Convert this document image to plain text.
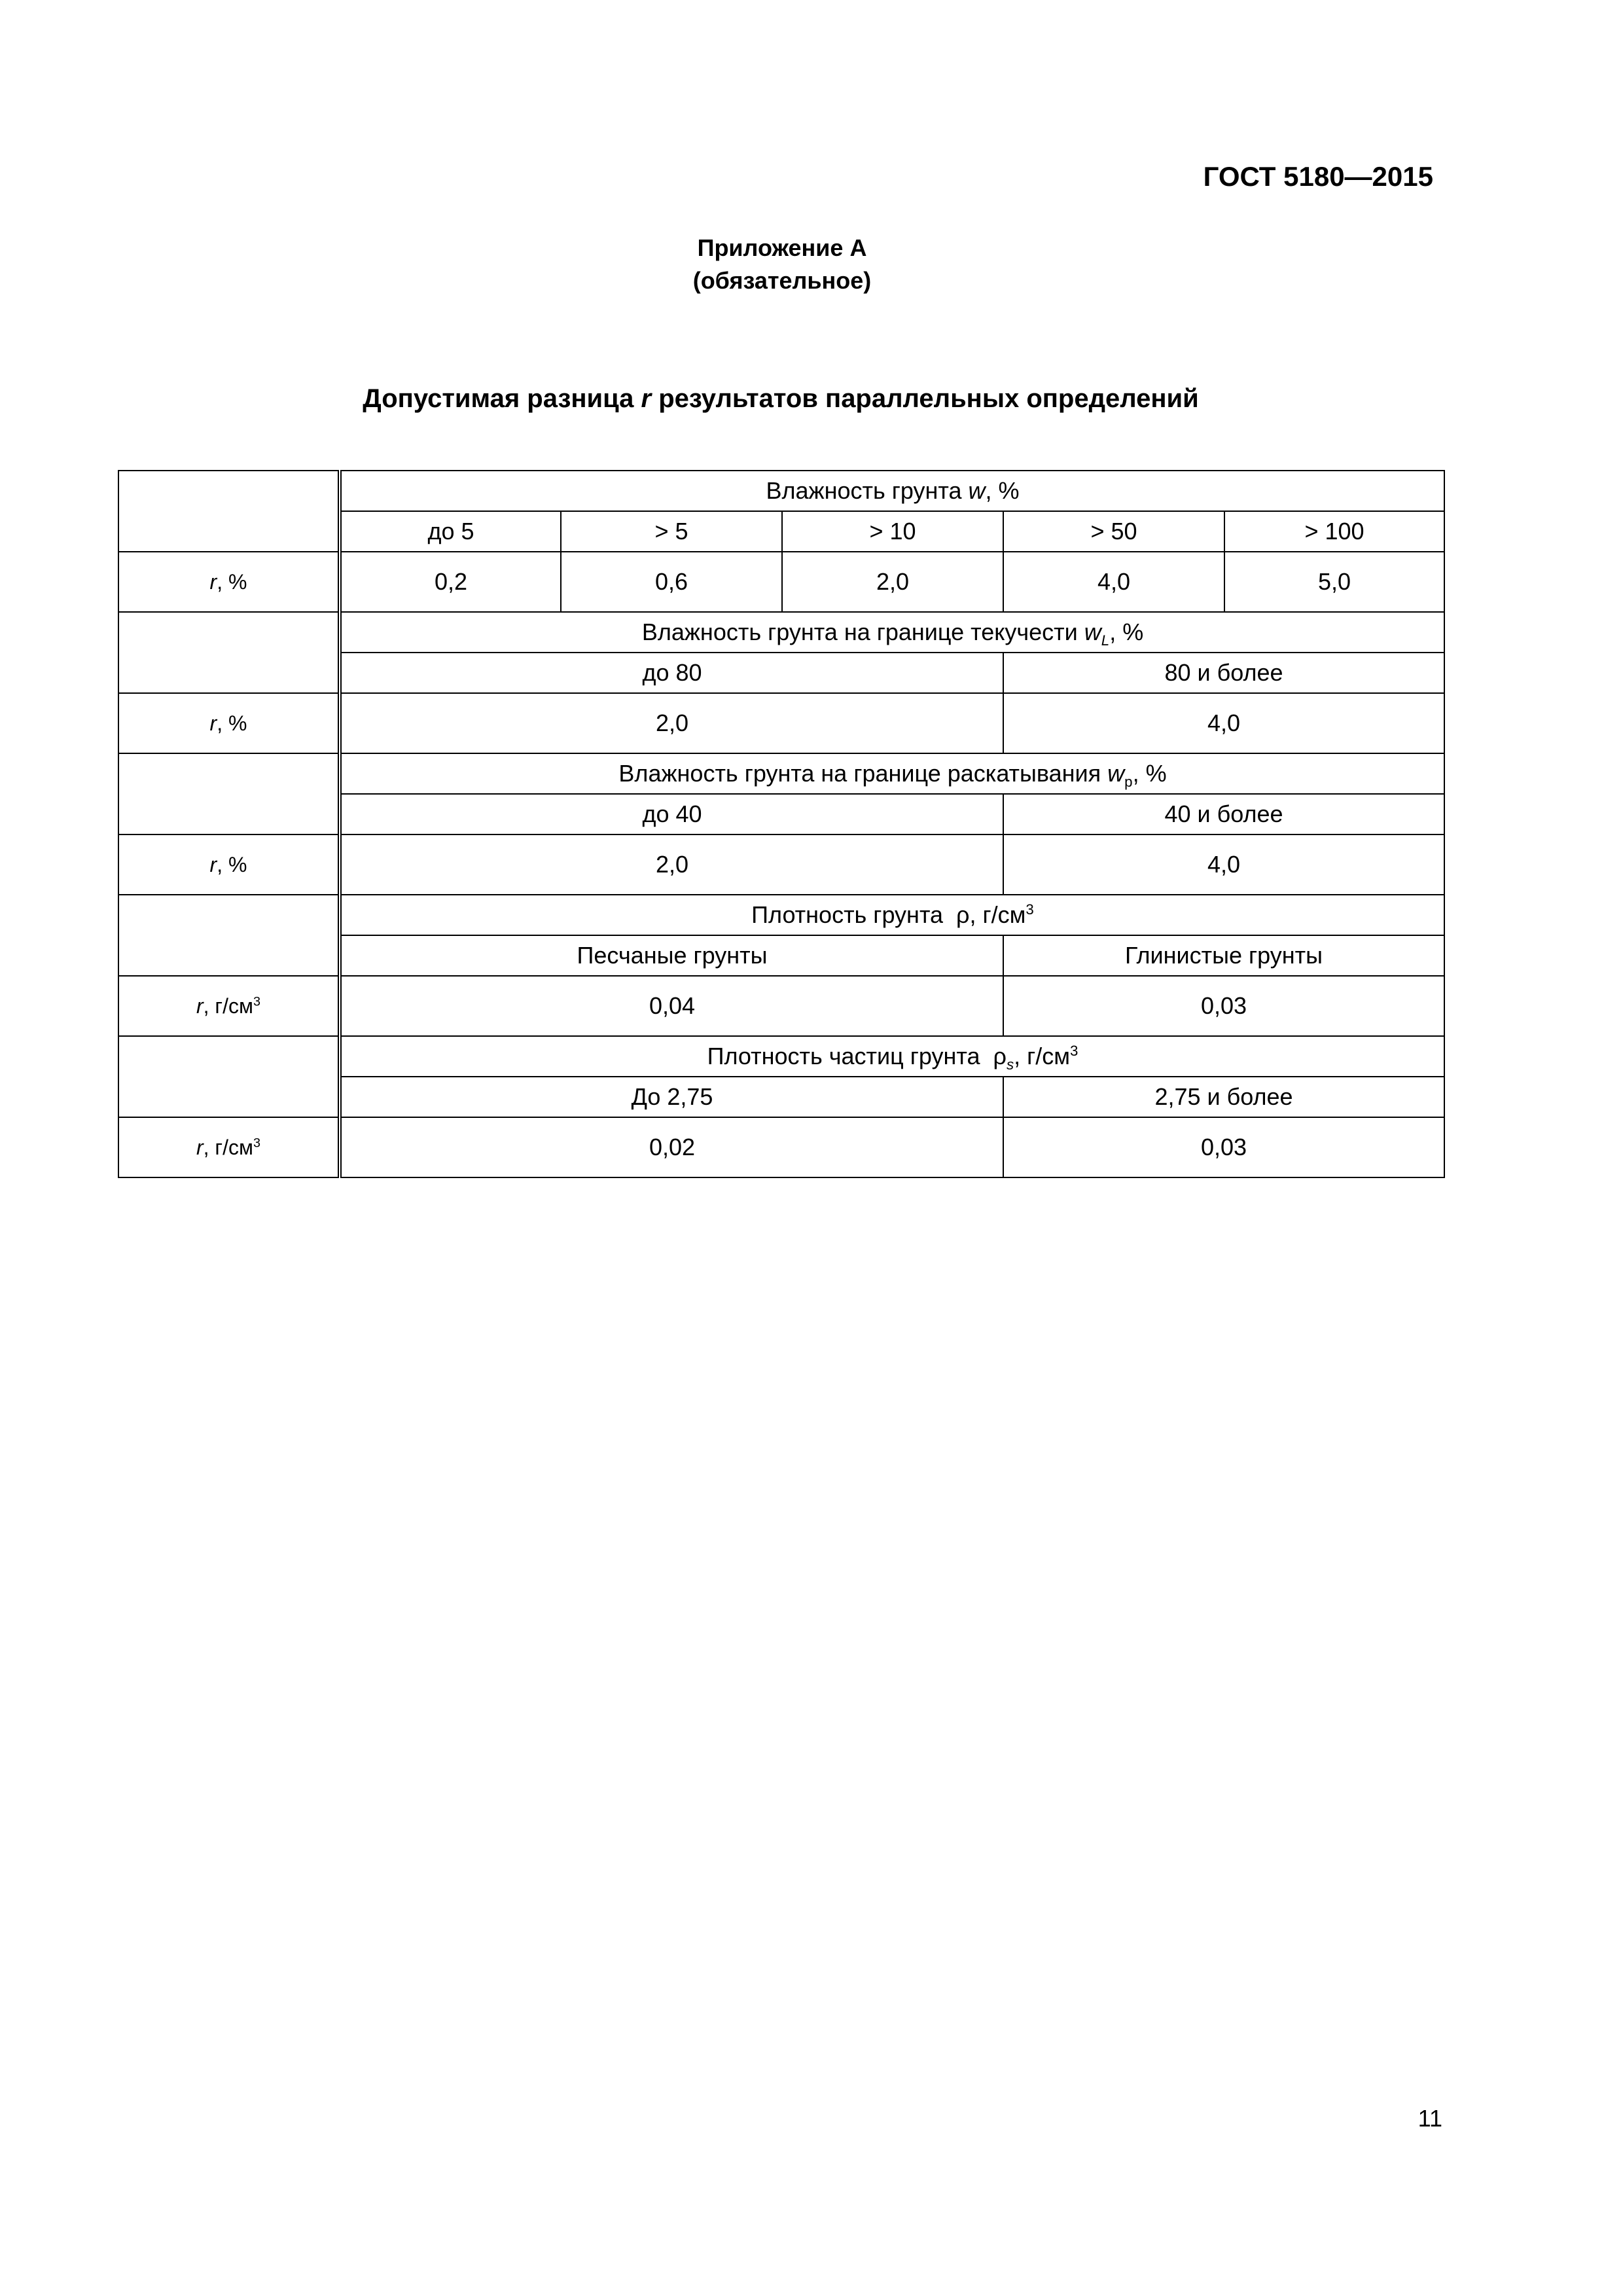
ГОСТ 5180—2015
Приложение А
(обязательное)
Допустимая разница r результатов параллельных определений
	Влажность грунта w, %				
	до 5	> 5	> 10	> 50	> 100
r, %	0,2	0,6	2,0	4,0	5,0
	Влажность грунта на границе текучести $w_L$, %				
	до 80			80 и более	
r, %	2,0			4,0	
	Влажность грунта на границе раскатывания $w_p$, %				
	до 40			40 и более	
r, %	2,0			4,0	
	Плотность грунта  ρ, $г/см^3$
	Песчаные грунты			Глинистые грунты	
r, $г/см^3$	0,04			0,03	
	Плотность частиц грунта  $\rho_s$, $г/см^3$
	До 2,75			2,75 и более	
r, $г/см^3$	0,02			0,03	
11
